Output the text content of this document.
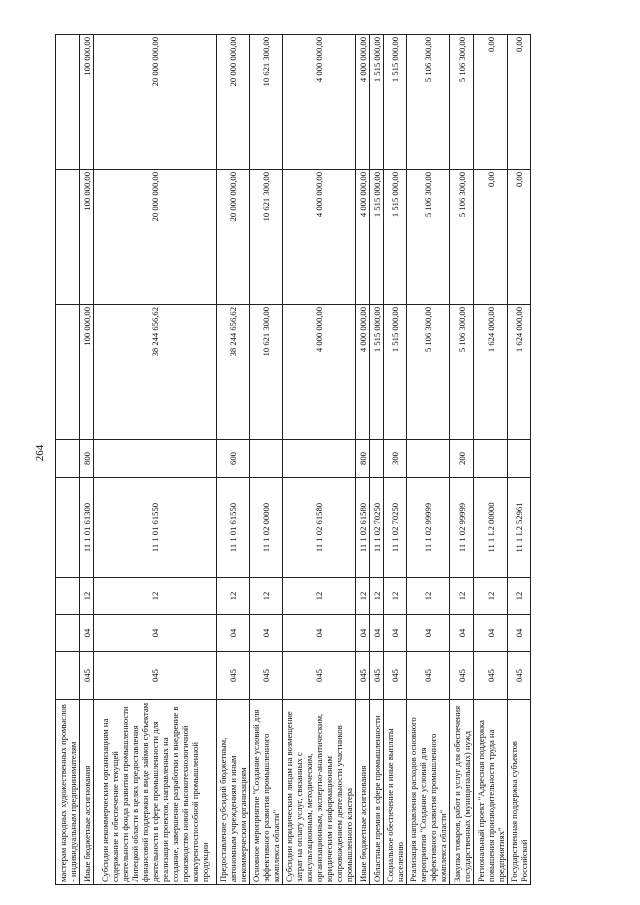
264
мастерам народных художественных промыслов - индивидуальным предпринимателям								
Иные бюджетные ассигнования	045	04	12	11 1 01 61300	800	100 000,00	100 000,00	100 000,00
Субсидии некоммерческим организациям на содержание и обеспечение текущей деятельности фонда развития промышленности Липецкой области в целях предоставления финансовой поддержки в виде займов субъектам деятельности в сфере промышленности для реализации проектов, направленных на создание, завершение разработки и внедрение в производство новой высокотехнологичной конкурентоспособной промышленной продукции	045	04	12	11 1 01 61550		38 244 656,62	20 000 000,00	20 000 000,00
Предоставление субсидий бюджетным, автономным учреждениям и иным некоммерческим организациям	045	04	12	11 1 01 61550	600	38 244 656,62	20 000 000,00	20 000 000,00
Основное мероприятие "Создание условий для эффективного развития промышленного комплекса области"	045	04	12	11 1 02 00000		10 621 300,00	10 621 300,00	10 621 300,00
Субсидии юридическим лицам на возмещение затрат на оплату услуг, связанных с консультационным, методическим, организационным, экспертно-аналитическим, юридическим и информационным сопровождением деятельности участников промышленного кластера	045	04	12	11 1 02 61580		4 000 000,00	4 000 000,00	4 000 000,00
Иные бюджетные ассигнования	045	04	12	11 1 02 61580	800	4 000 000,00	4 000 000,00	4 000 000,00
Областные премии в сфере промышленности	045	04	12	11 1 02 70250		1 515 000,00	1 515 000,00	1 515 000,00
Социальное обеспечение и иные выплаты населению	045	04	12	11 1 02 70250	300	1 515 000,00	1 515 000,00	1 515 000,00
Реализация направления расходов основного мероприятия "Создание условий для эффективного развития промышленного комплекса области"	045	04	12	11 1 02 99999		5 106 300,00	5 106 300,00	5 106 300,00
Закупка товаров, работ и услуг для обеспечения государственных (муниципальных) нужд	045	04	12	11 1 02 99999	200	5 106 300,00	5 106 300,00	5 106 300,00
Региональный проект "Адресная поддержка повышения производительности труда на предприятиях"	045	04	12	11 1 L2 00000		1 624 000,00	0,00	0,00
Государственная поддержка субъектов Российской	045	04	12	11 1 L2 52961		1 624 000,00	0,00	0,00
